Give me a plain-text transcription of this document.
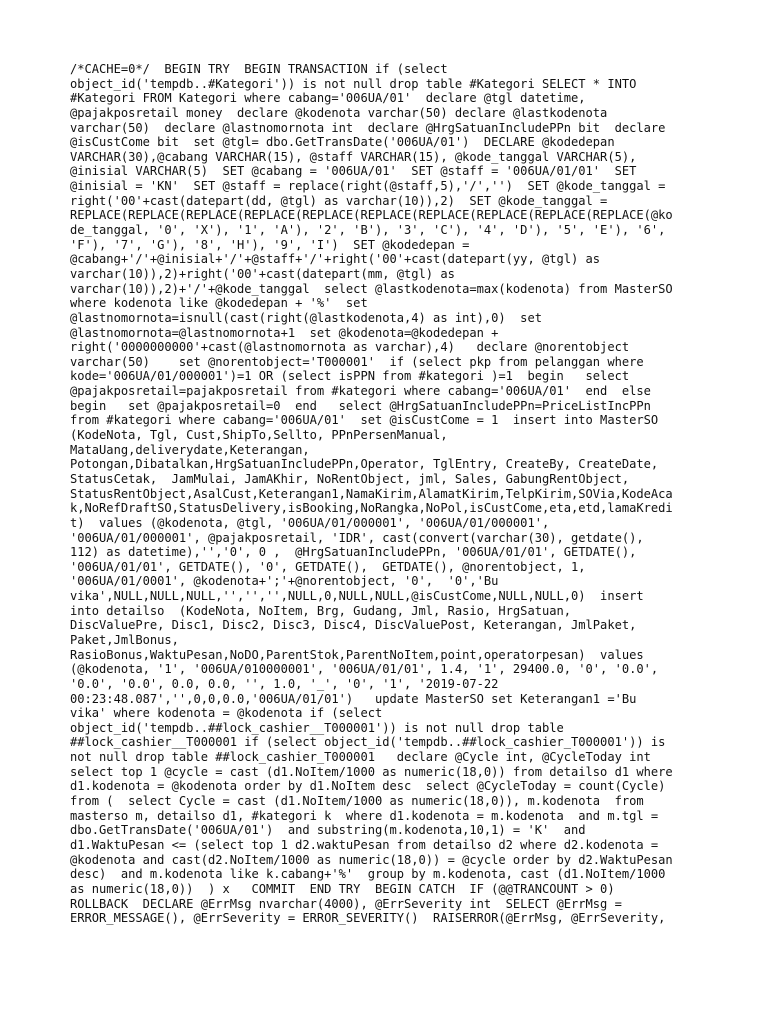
/*CACHE=0*/  BEGIN TRY  BEGIN TRANSACTION if (select
object_id('tempdb..#Kategori')) is not null drop table #Kategori SELECT * INTO
#Kategori FROM Kategori where cabang='006UA/01'  declare @tgl datetime,
@pajakposretail money  declare @kodenota varchar(50) declare @lastkodenota
varchar(50)  declare @lastnomornota int  declare @HrgSatuanIncludePPn bit  declare
@isCustCome bit  set @tgl= dbo.GetTransDate('006UA/01')  DECLARE @kodedepan
VARCHAR(30),@cabang VARCHAR(15), @staff VARCHAR(15), @kode_tanggal VARCHAR(5),
@inisial VARCHAR(5)  SET @cabang = '006UA/01'  SET @staff = '006UA/01/01'  SET
@inisial = 'KN'  SET @staff = replace(right(@staff,5),'/','')  SET @kode_tanggal =
right('00'+cast(datepart(dd, @tgl) as varchar(10)),2)  SET @kode_tanggal =
REPLACE(REPLACE(REPLACE(REPLACE(REPLACE(REPLACE(REPLACE(REPLACE(REPLACE(REPLACE(@ko
de_tanggal, '0', 'X'), '1', 'A'), '2', 'B'), '3', 'C'), '4', 'D'), '5', 'E'), '6',
'F'), '7', 'G'), '8', 'H'), '9', 'I')  SET @kodedepan =
@cabang+'/'+@inisial+'/'+@staff+'/'+right('00'+cast(datepart(yy, @tgl) as
varchar(10)),2)+right('00'+cast(datepart(mm, @tgl) as
varchar(10)),2)+'/'+@kode_tanggal  select @lastkodenota=max(kodenota) from MasterSO
where kodenota like @kodedepan + '%'  set
@lastnomornota=isnull(cast(right(@lastkodenota,4) as int),0)  set
@lastnomornota=@lastnomornota+1  set @kodenota=@kodedepan +
right('0000000000'+cast(@lastnomornota as varchar),4)   declare @norentobject
varchar(50)    set @norentobject='T000001'  if (select pkp from pelanggan where
kode='006UA/01/000001')=1 OR (select isPPN from #kategori )=1  begin   select
@pajakposretail=pajakposretail from #kategori where cabang='006UA/01'  end  else
begin   set @pajakposretail=0  end   select @HrgSatuanIncludePPn=PriceListIncPPn
from #kategori where cabang='006UA/01'  set @isCustCome = 1  insert into MasterSO
(KodeNota, Tgl, Cust,ShipTo,Sellto, PPnPersenManual,
MataUang,deliverydate,Keterangan,
Potongan,Dibatalkan,HrgSatuanIncludePPn,Operator, TglEntry, CreateBy, CreateDate,
StatusCetak,  JamMulai, JamAKhir, NoRentObject, jml, Sales, GabungRentObject,
StatusRentObject,AsalCust,Keterangan1,NamaKirim,AlamatKirim,TelpKirim,SOVia,KodeAca
k,NoRefDraftSO,StatusDelivery,isBooking,NoRangka,NoPol,isCustCome,eta,etd,lamaKredi
t)  values (@kodenota, @tgl, '006UA/01/000001', '006UA/01/000001',
'006UA/01/000001', @pajakposretail, 'IDR', cast(convert(varchar(30), getdate(),
112) as datetime),'','0', 0 ,  @HrgSatuanIncludePPn, '006UA/01/01', GETDATE(),
'006UA/01/01', GETDATE(), '0', GETDATE(),  GETDATE(), @norentobject, 1,
'006UA/01/0001', @kodenota+';'+@norentobject, '0',  '0','Bu
vika',NULL,NULL,NULL,'','','',NULL,0,NULL,NULL,@isCustCome,NULL,NULL,0)  insert
into detailso  (KodeNota, NoItem, Brg, Gudang, Jml, Rasio, HrgSatuan,
DiscValuePre, Disc1, Disc2, Disc3, Disc4, DiscValuePost, Keterangan, JmlPaket,
Paket,JmlBonus,
RasioBonus,WaktuPesan,NoDO,ParentStok,ParentNoItem,point,operatorpesan)  values
(@kodenota, '1', '006UA/010000001', '006UA/01/01', 1.4, '1', 29400.0, '0', '0.0',
'0.0', '0.0', 0.0, 0.0, '', 1.0, '_', '0', '1', '2019-07-22
00:23:48.087','',0,0,0.0,'006UA/01/01')   update MasterSO set Keterangan1 ='Bu
vika' where kodenota = @kodenota if (select
object_id('tempdb..##lock_cashier__T000001')) is not null drop table
##lock_cashier__T000001 if (select object_id('tempdb..##lock_cashier_T000001')) is
not null drop table ##lock_cashier_T000001   declare @Cycle int, @CycleToday int
select top 1 @cycle = cast (d1.NoItem/1000 as numeric(18,0)) from detailso d1 where
d1.kodenota = @kodenota order by d1.NoItem desc  select @CycleToday = count(Cycle)
from (  select Cycle = cast (d1.NoItem/1000 as numeric(18,0)), m.kodenota  from
masterso m, detailso d1, #kategori k  where d1.kodenota = m.kodenota  and m.tgl =
dbo.GetTransDate('006UA/01')  and substring(m.kodenota,10,1) = 'K'  and
d1.WaktuPesan <= (select top 1 d2.waktuPesan from detailso d2 where d2.kodenota =
@kodenota and cast(d2.NoItem/1000 as numeric(18,0)) = @cycle order by d2.WaktuPesan
desc)  and m.kodenota like k.cabang+'%'  group by m.kodenota, cast (d1.NoItem/1000
as numeric(18,0))  ) x   COMMIT  END TRY  BEGIN CATCH  IF (@@TRANCOUNT > 0)
ROLLBACK  DECLARE @ErrMsg nvarchar(4000), @ErrSeverity int  SELECT @ErrMsg =
ERROR_MESSAGE(), @ErrSeverity = ERROR_SEVERITY()  RAISERROR(@ErrMsg, @ErrSeverity,
